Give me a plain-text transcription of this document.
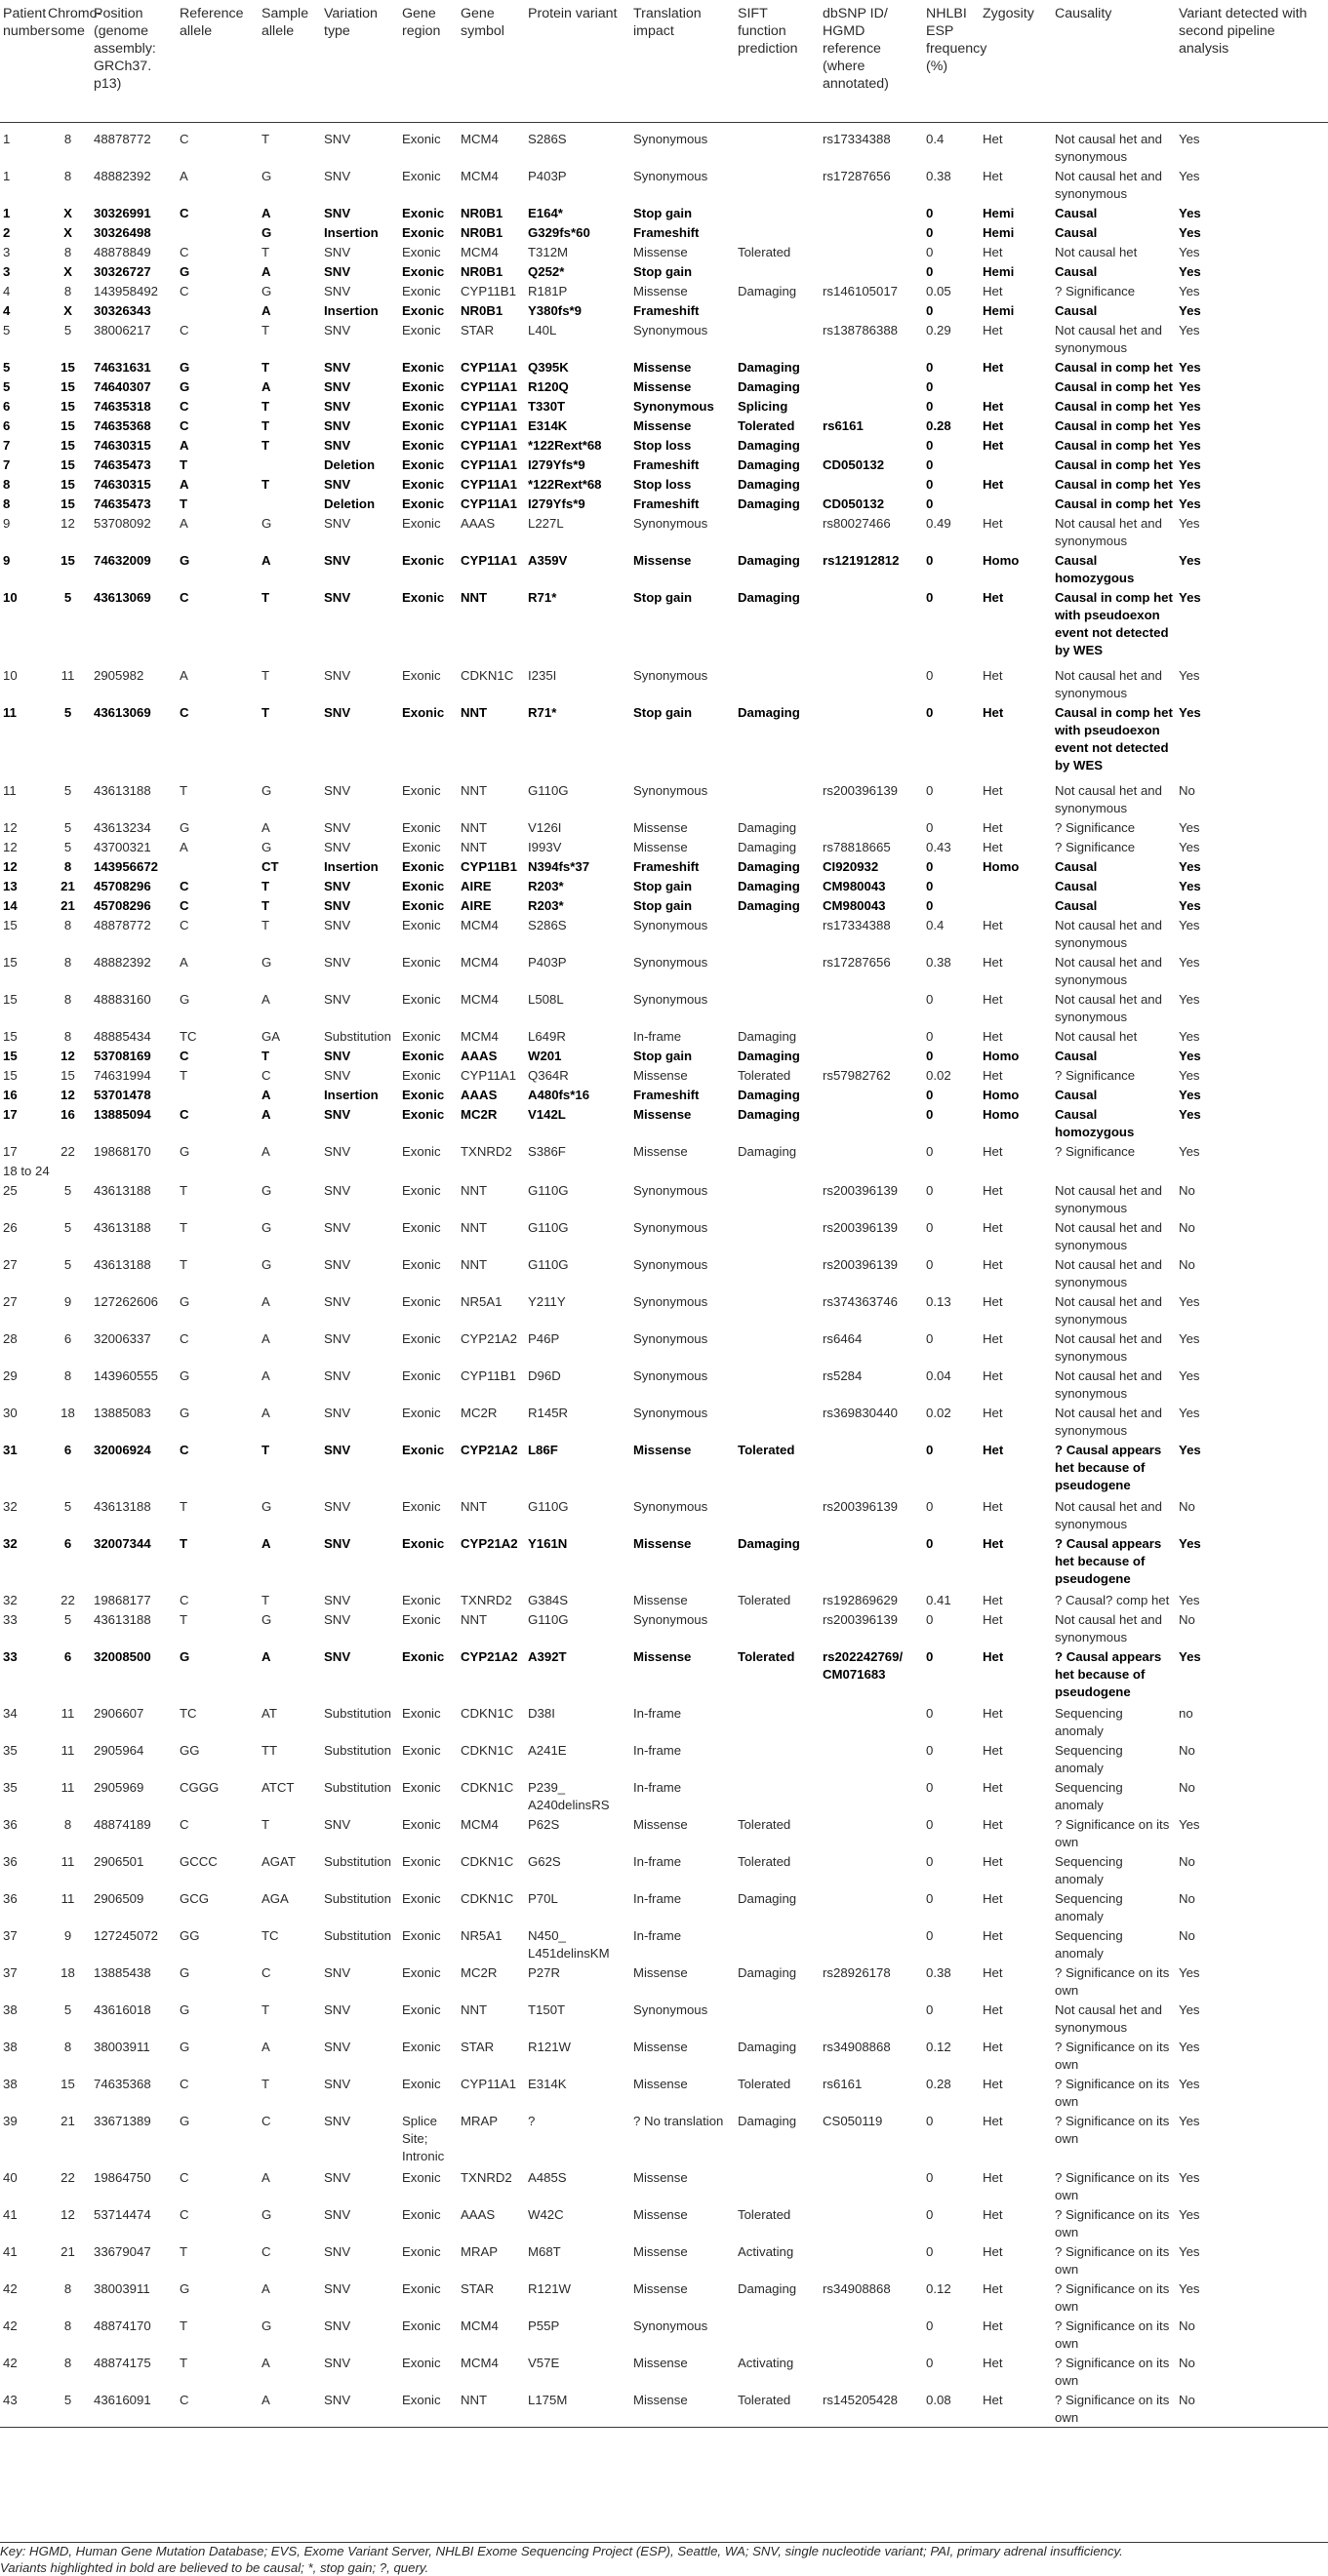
Patient number	Chromo-some	Position (genome assembly: GRCh37. p13)	Reference allele	Sample allele	Variation type	Gene region	Gene symbol	Protein variant	Translation impact	SIFT function prediction	dbSNP ID/ HGMD reference (where annotated)	NHLBI ESP frequency (%)	Zygosity	Causality	Variant detected with second pipeline analysis
1	8	48878772	C	T	SNV	Exonic	MCM4	S286S	Synonymous		rs17334388	0.4	Het	Not causal het and synonymous	Yes
1	8	48882392	A	G	SNV	Exonic	MCM4	P403P	Synonymous		rs17287656	0.38	Het	Not causal het and synonymous	Yes
1	X	30326991	C	A	SNV	Exonic	NR0B1	E164*	Stop gain			0	Hemi	Causal	Yes
2	X	30326498		G	Insertion	Exonic	NR0B1	G329fs*60	Frameshift			0	Hemi	Causal	Yes
3	8	48878849	C	T	SNV	Exonic	MCM4	T312M	Missense	Tolerated		0	Het	Not causal het	Yes
3	X	30326727	G	A	SNV	Exonic	NR0B1	Q252*	Stop gain			0	Hemi	Causal	Yes
4	8	143958492	C	G	SNV	Exonic	CYP11B1	R181P	Missense	Damaging	rs146105017	0.05	Het	? Significance	Yes
4	X	30326343		A	Insertion	Exonic	NR0B1	Y380fs*9	Frameshift			0	Hemi	Causal	Yes
5	5	38006217	C	T	SNV	Exonic	STAR	L40L	Synonymous		rs138786388	0.29	Het	Not causal het and synonymous	Yes
5	15	74631631	G	T	SNV	Exonic	CYP11A1	Q395K	Missense	Damaging		0	Het	Causal in comp het	Yes
5	15	74640307	G	A	SNV	Exonic	CYP11A1	R120Q	Missense	Damaging		0		Causal in comp het	Yes
6	15	74635318	C	T	SNV	Exonic	CYP11A1	T330T	Synonymous	Splicing		0	Het	Causal in comp het	Yes
6	15	74635368	C	T	SNV	Exonic	CYP11A1	E314K	Missense	Tolerated	rs6161	0.28	Het	Causal in comp het	Yes
7	15	74630315	A	T	SNV	Exonic	CYP11A1	*122Rext*68	Stop loss	Damaging		0	Het	Causal in comp het	Yes
7	15	74635473	T		Deletion	Exonic	CYP11A1	I279Yfs*9	Frameshift	Damaging	CD050132	0		Causal in comp het	Yes
8	15	74630315	A	T	SNV	Exonic	CYP11A1	*122Rext*68	Stop loss	Damaging		0	Het	Causal in comp het	Yes
8	15	74635473	T		Deletion	Exonic	CYP11A1	I279Yfs*9	Frameshift	Damaging	CD050132	0		Causal in comp het	Yes
9	12	53708092	A	G	SNV	Exonic	AAAS	L227L	Synonymous		rs80027466	0.49	Het	Not causal het and synonymous	Yes
9	15	74632009	G	A	SNV	Exonic	CYP11A1	A359V	Missense	Damaging	rs121912812	0	Homo	Causal homozygous	Yes
10	5	43613069	C	T	SNV	Exonic	NNT	R71*	Stop gain	Damaging		0	Het	Causal in comp het with pseudoexon event not detected by WES	Yes
10	11	2905982	A	T	SNV	Exonic	CDKN1C	I235I	Synonymous			0	Het	Not causal het and synonymous	Yes
11	5	43613069	C	T	SNV	Exonic	NNT	R71*	Stop gain	Damaging		0	Het	Causal in comp het with pseudoexon event not detected by WES	Yes
11	5	43613188	T	G	SNV	Exonic	NNT	G110G	Synonymous		rs200396139	0	Het	Not causal het and synonymous	No
12	5	43613234	G	A	SNV	Exonic	NNT	V126I	Missense	Damaging		0	Het	? Significance	Yes
12	5	43700321	A	G	SNV	Exonic	NNT	I993V	Missense	Damaging	rs78818665	0.43	Het	? Significance	Yes
12	8	143956672		CT	Insertion	Exonic	CYP11B1	N394fs*37	Frameshift	Damaging	CI920932	0	Homo	Causal	Yes
13	21	45708296	C	T	SNV	Exonic	AIRE	R203*	Stop gain	Damaging	CM980043	0		Causal	Yes
14	21	45708296	C	T	SNV	Exonic	AIRE	R203*	Stop gain	Damaging	CM980043	0		Causal	Yes
15	8	48878772	C	T	SNV	Exonic	MCM4	S286S	Synonymous		rs17334388	0.4	Het	Not causal het and synonymous	Yes
15	8	48882392	A	G	SNV	Exonic	MCM4	P403P	Synonymous		rs17287656	0.38	Het	Not causal het and synonymous	Yes
15	8	48883160	G	A	SNV	Exonic	MCM4	L508L	Synonymous			0	Het	Not causal het and synonymous	Yes
15	8	48885434	TC	GA	Substitution	Exonic	MCM4	L649R	In-frame	Damaging		0	Het	Not causal het	Yes
15	12	53708169	C	T	SNV	Exonic	AAAS	W201	Stop gain	Damaging		0	Homo	Causal	Yes
15	15	74631994	T	C	SNV	Exonic	CYP11A1	Q364R	Missense	Tolerated	rs57982762	0.02	Het	? Significance	Yes
16	12	53701478		A	Insertion	Exonic	AAAS	A480fs*16	Frameshift	Damaging		0	Homo	Causal	Yes
17	16	13885094	C	A	SNV	Exonic	MC2R	V142L	Missense	Damaging		0	Homo	Causal homozygous	Yes
17	22	19868170	G	A	SNV	Exonic	TXNRD2	S386F	Missense	Damaging		0	Het	? Significance	Yes
18 to 24															
25	5	43613188	T	G	SNV	Exonic	NNT	G110G	Synonymous		rs200396139	0	Het	Not causal het and synonymous	No
26	5	43613188	T	G	SNV	Exonic	NNT	G110G	Synonymous		rs200396139	0	Het	Not causal het and synonymous	No
27	5	43613188	T	G	SNV	Exonic	NNT	G110G	Synonymous		rs200396139	0	Het	Not causal het and synonymous	No
27	9	127262606	G	A	SNV	Exonic	NR5A1	Y211Y	Synonymous		rs374363746	0.13	Het	Not causal het and synonymous	Yes
28	6	32006337	C	A	SNV	Exonic	CYP21A2	P46P	Synonymous		rs6464	0	Het	Not causal het and synonymous	Yes
29	8	143960555	G	A	SNV	Exonic	CYP11B1	D96D	Synonymous		rs5284	0.04	Het	Not causal het and synonymous	Yes
30	18	13885083	G	A	SNV	Exonic	MC2R	R145R	Synonymous		rs369830440	0.02	Het	Not causal het and synonymous	Yes
31	6	32006924	C	T	SNV	Exonic	CYP21A2	L86F	Missense	Tolerated		0	Het	? Causal appears het because of pseudogene	Yes
32	5	43613188	T	G	SNV	Exonic	NNT	G110G	Synonymous		rs200396139	0	Het	Not causal het and synonymous	No
32	6	32007344	T	A	SNV	Exonic	CYP21A2	Y161N	Missense	Damaging		0	Het	? Causal appears het because of pseudogene	Yes
32	22	19868177	C	T	SNV	Exonic	TXNRD2	G384S	Missense	Tolerated	rs192869629	0.41	Het	? Causal? comp het	Yes
33	5	43613188	T	G	SNV	Exonic	NNT	G110G	Synonymous		rs200396139	0	Het	Not causal het and synonymous	No
33	6	32008500	G	A	SNV	Exonic	CYP21A2	A392T	Missense	Tolerated	rs202242769/ CM071683	0	Het	? Causal appears het because of pseudogene	Yes
34	11	2906607	TC	AT	Substitution	Exonic	CDKN1C	D38I	In-frame			0	Het	Sequencing anomaly	no
35	11	2905964	GG	TT	Substitution	Exonic	CDKN1C	A241E	In-frame			0	Het	Sequencing anomaly	No
35	11	2905969	CGGG	ATCT	Substitution	Exonic	CDKN1C	P239_ A240delinsRS	In-frame			0	Het	Sequencing anomaly	No
36	8	48874189	C	T	SNV	Exonic	MCM4	P62S	Missense	Tolerated		0	Het	? Significance on its own	Yes
36	11	2906501	GCCC	AGAT	Substitution	Exonic	CDKN1C	G62S	In-frame	Tolerated		0	Het	Sequencing anomaly	No
36	11	2906509	GCG	AGA	Substitution	Exonic	CDKN1C	P70L	In-frame	Damaging		0	Het	Sequencing anomaly	No
37	9	127245072	GG	TC	Substitution	Exonic	NR5A1	N450_ L451delinsKM	In-frame			0	Het	Sequencing anomaly	No
37	18	13885438	G	C	SNV	Exonic	MC2R	P27R	Missense	Damaging	rs28926178	0.38	Het	? Significance on its own	Yes
38	5	43616018	G	T	SNV	Exonic	NNT	T150T	Synonymous			0	Het	Not causal het and synonymous	Yes
38	8	38003911	G	A	SNV	Exonic	STAR	R121W	Missense	Damaging	rs34908868	0.12	Het	? Significance on its own	Yes
38	15	74635368	C	T	SNV	Exonic	CYP11A1	E314K	Missense	Tolerated	rs6161	0.28	Het	? Significance on its own	Yes
39	21	33671389	G	C	SNV	Splice Site; Intronic	MRAP	?	? No translation	Damaging	CS050119	0	Het	? Significance on its own	Yes
40	22	19864750	C	A	SNV	Exonic	TXNRD2	A485S	Missense			0	Het	? Significance on its own	Yes
41	12	53714474	C	G	SNV	Exonic	AAAS	W42C	Missense	Tolerated		0	Het	? Significance on its own	Yes
41	21	33679047	T	C	SNV	Exonic	MRAP	M68T	Missense	Activating		0	Het	? Significance on its own	Yes
42	8	38003911	G	A	SNV	Exonic	STAR	R121W	Missense	Damaging	rs34908868	0.12	Het	? Significance on its own	Yes
42	8	48874170	T	G	SNV	Exonic	MCM4	P55P	Synonymous			0	Het	? Significance on its own	No
42	8	48874175	T	A	SNV	Exonic	MCM4	V57E	Missense	Activating		0	Het	? Significance on its own	No
43	5	43616091	C	A	SNV	Exonic	NNT	L175M	Missense	Tolerated	rs145205428	0.08	Het	? Significance on its own	No
Key: HGMD, Human Gene Mutation Database; EVS, Exome Variant Server, NHLBI Exome Sequencing Project (ESP), Seattle, WA; SNV, single nucleotide variant; PAI, primary adrenal insufficiency.
Variants highlighted in bold are believed to be causal; *, stop gain; ?, query.
